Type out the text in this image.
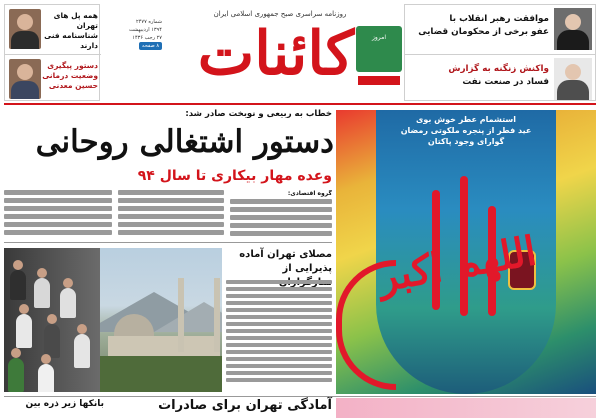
همه پل های تهران شناسنامه فنی دارند
دستور پیگیری وضعیت درمانی حسین معدنی
شماره ۲۴۷۷
۱۳۹۴ اردیبهشت
۲۷ رجب ۱۴۳۶
۸ صفحه
روزنامه سراسری صبح جمهوری اسلامی ایران
کائنات	امروز
موافقت رهبر انقلاب با
عفو برخی از محکومان قضایی
واکنش زنگنه به گزارش
فساد در صنعت نفت
خطاب به ربیعی و نوبخت صادر شد:
دستور اشتغالی روحانی
وعده مهار بیکاری تا سال ۹۴
گروه اقتصادی:
مصلای تهران آماده
پذیرایی از
استشمام عطر خوش بوی
عید فطر از پنجره ملکوتی رمضان
گوارای وجود پاکتان
اللهم اکبر
بانکها زیر ذره بین	آمادگی تهران برای صادرات
